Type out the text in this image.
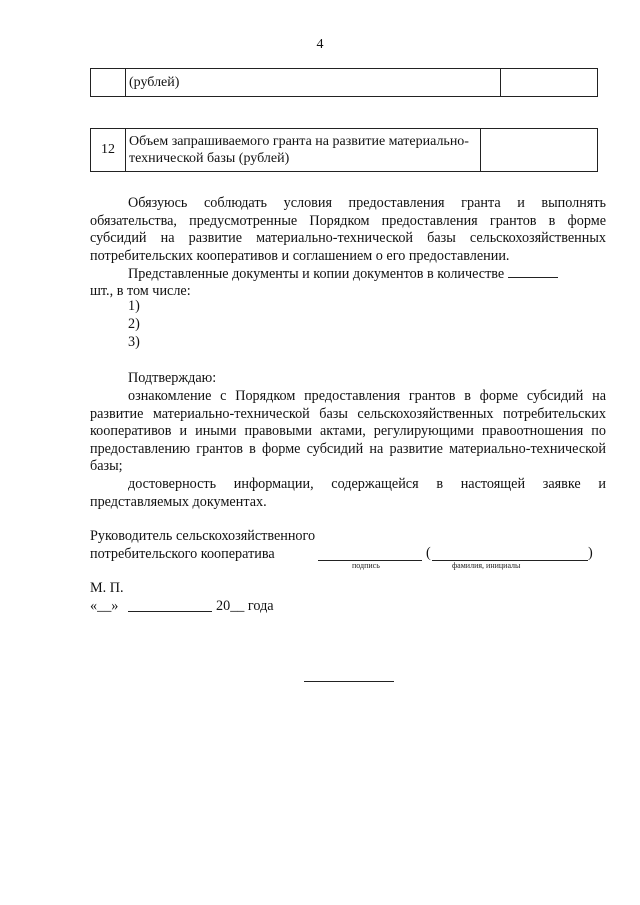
4
	(рублей)	
12	Объем запрашиваемого гранта на развитие материально-технической базы (рублей)	

Обязуюсь соблюдать условия предоставления гранта и выполнять обязательства, предусмотренные Порядком предоставления грантов в форме субсидий на развитие материально-технической базы сельскохозяйственных потребительских кооперативов и соглашением о его предоставлении.

Представленные документы и копии документов в количестве

шт., в том числе:
1)
2)
3)
Подтверждаю:

ознакомление с Порядком предоставления грантов в форме субсидий на развитие материально-технической базы сельскохозяйственных потребительских кооперативов и иными правовыми актами, регулирующими правоотношения по предоставлению грантов в форме субсидий на развитие материально-технической базы;

достоверность информации, содержащейся в настоящей заявке и представляемых документах.

Руководитель сельскохозяйственного
потребительского кооператива
подпись
(	)
фамилия, инициалы
М. П.
«__»	20__ года
